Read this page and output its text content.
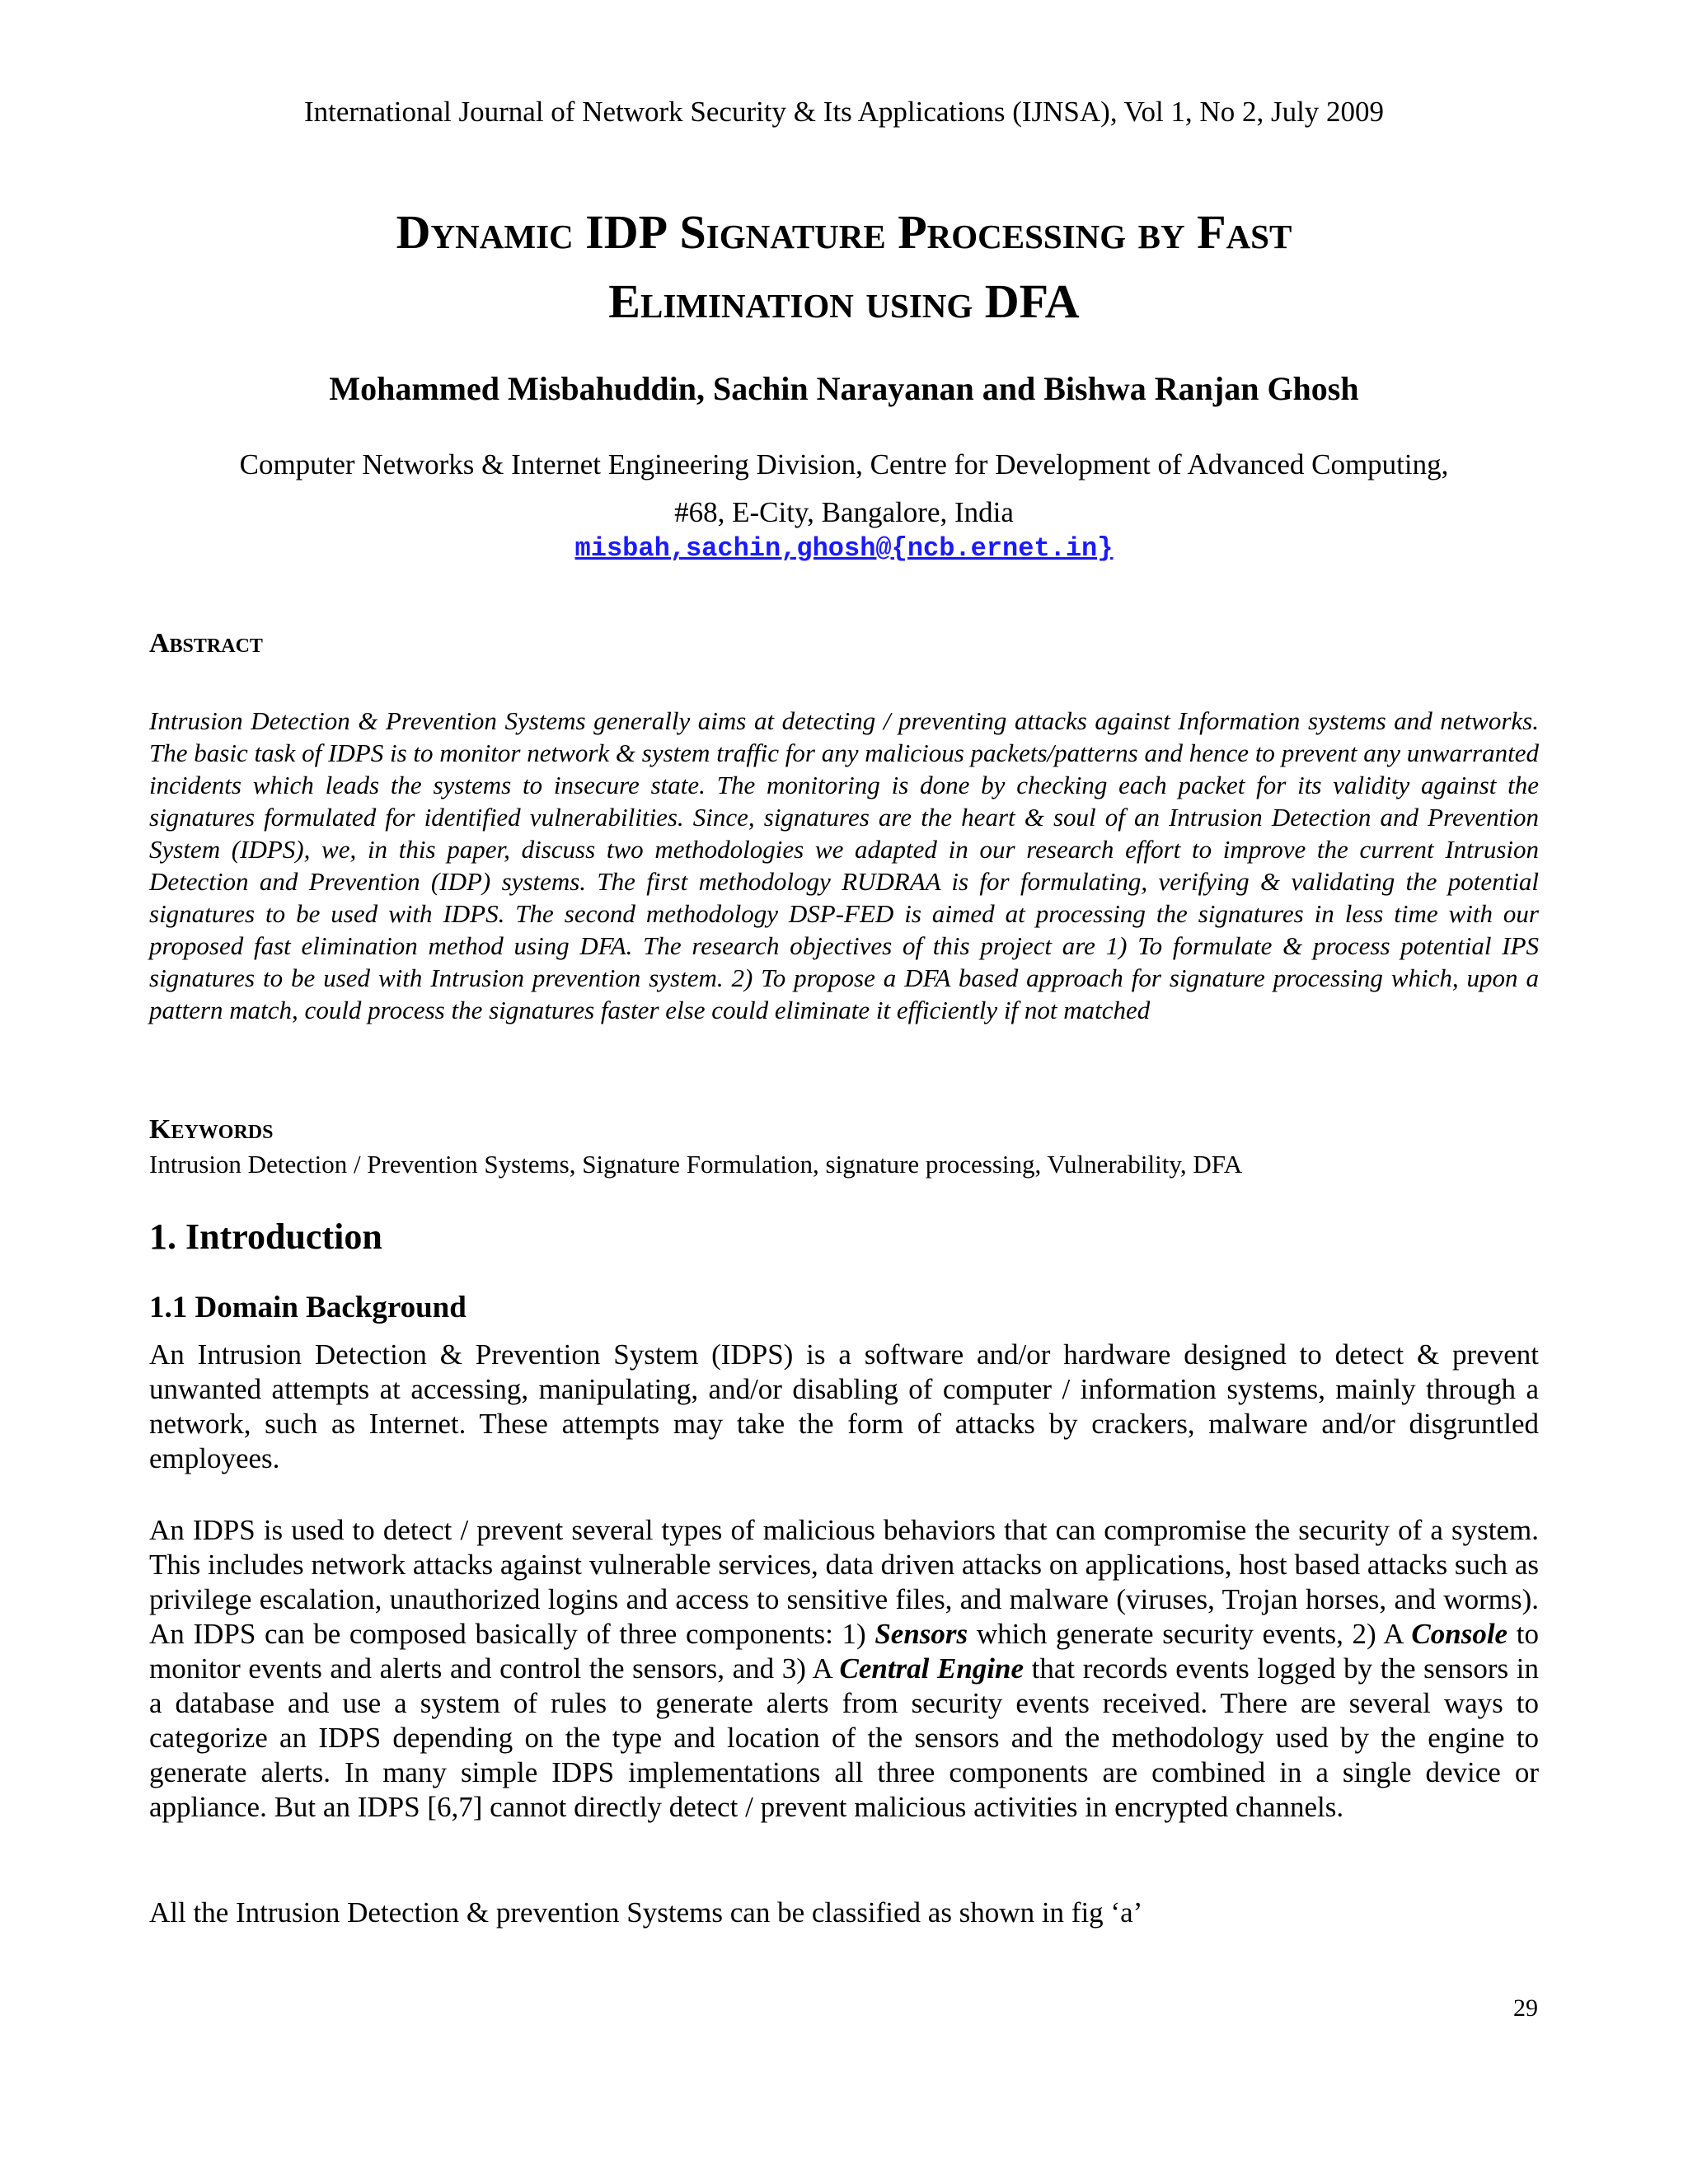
International Journal of Network Security & Its Applications (IJNSA), Vol 1, No 2, July 2009
Dynamic IDP Signature Processing by Fast
Elimination using DFA
Mohammed Misbahuddin, Sachin Narayanan and Bishwa Ranjan Ghosh
Computer Networks & Internet Engineering Division, Centre for Development of Advanced Computing,
#68, E-City, Bangalore, India
misbah,sachin,ghosh@{ncb.ernet.in}
Abstract
Intrusion Detection & Prevention Systems generally aims at detecting / preventing attacks against Information systems and networks. The basic task of IDPS is to monitor network & system traffic for any malicious packets/patterns and hence to prevent any unwarranted incidents which leads the systems to insecure state. The monitoring is done by checking each packet for its validity against the signatures formulated for identified vulnerabilities. Since, signatures are the heart & soul of an Intrusion Detection and Prevention System (IDPS), we, in this paper, discuss two methodologies we adapted in our research effort to improve the current Intrusion Detection and Prevention (IDP) systems. The first methodology RUDRAA is for formulating, verifying & validating the potential signatures to be used with IDPS. The second methodology DSP-FED is aimed at processing the signatures in less time with our proposed fast elimination method using DFA. The research objectives of this project are 1) To formulate & process potential IPS signatures to be used with Intrusion prevention system. 2) To propose a DFA based approach for signature processing which, upon a pattern match, could process the signatures faster else could eliminate it efficiently if not matched
Keywords
Intrusion Detection / Prevention Systems, Signature Formulation, signature processing, Vulnerability, DFA
1. Introduction
1.1 Domain Background
An Intrusion Detection & Prevention System (IDPS) is a software and/or hardware designed to detect & prevent unwanted attempts at accessing, manipulating, and/or disabling of computer / information systems, mainly through a network, such as Internet. These attempts may take the form of attacks by crackers, malware and/or disgruntled employees.
An IDPS is used to detect / prevent several types of malicious behaviors that can compromise the security of a system. This includes network attacks against vulnerable services, data driven attacks on applications, host based attacks such as privilege escalation, unauthorized logins and access to sensitive files, and malware (viruses, Trojan horses, and worms). An IDPS can be composed basically of three components: 1) Sensors which generate security events, 2) A Console to monitor events and alerts and control the sensors, and 3) A Central Engine that records events logged by the sensors in a database and use a system of rules to generate alerts from security events received. There are several ways to categorize an IDPS depending on the type and location of the sensors and the methodology used by the engine to generate alerts. In many simple IDPS implementations all three components are combined in a single device or appliance. But an IDPS [6,7] cannot directly detect / prevent malicious activities in encrypted channels.
All the Intrusion Detection & prevention Systems can be classified as shown in fig ‘a’
29
